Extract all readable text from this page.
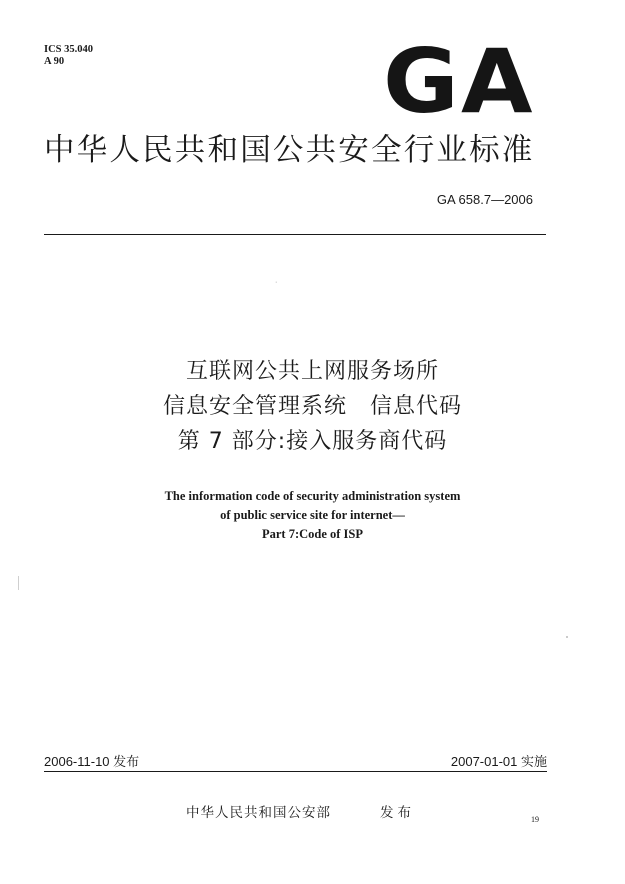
ICS 35.040
A 90	GA
中华人民共和国公共安全行业标准
GA 658.7—2006
·
互联网公共上网服务场所
信息安全管理系统　信息代码
第 7 部分:接入服务商代码
The information code of security administration system
of public service site for internet—
Part 7:Code of ISP
2006-11-10 发布	2007-01-01 实施
中华人民共和国公安部	发布	19
